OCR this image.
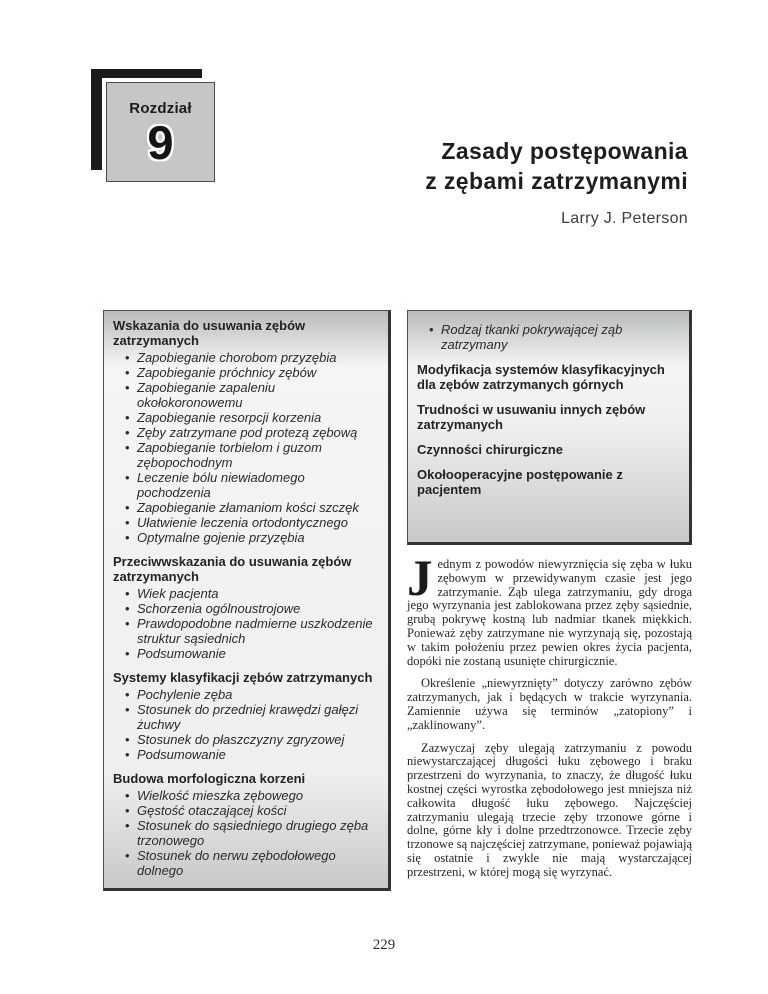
Rozdział
9	Zasady postępowania
z zębami zatrzymanymi
Larry J. Peterson
Wskazania do usuwania zębów zatrzymanych
• Zapobieganie chorobom przyzębia
• Zapobieganie próchnicy zębów
• Zapobieganie zapaleniu okołokoronowemu
• Zapobieganie resorpcji korzenia
• Zęby zatrzymane pod protezą zębową
• Zapobieganie torbielom i guzom zębopochodnym
• Leczenie bólu niewiadomego pochodzenia
• Zapobieganie złamaniom kości szczęk
• Ułatwienie leczenia ortodontycznego
• Optymalne gojenie przyzębia
Przeciwwskazania do usuwania zębów zatrzymanych
• Wiek pacjenta
• Schorzenia ogólnoustrojowe
• Prawdopodobne nadmierne uszkodzenie struktur sąsiednich
• Podsumowanie
Systemy klasyfikacji zębów zatrzymanych
• Pochylenie zęba
• Stosunek do przedniej krawędzi gałęzi żuchwy
• Stosunek do płaszczyzny zgryzowej
• Podsumowanie
Budowa morfologiczna korzeni
• Wielkość mieszka zębowego
• Gęstość otaczającej kości
• Stosunek do sąsiedniego drugiego zęba trzonowego
• Stosunek do nerwu zębodołowego dolnego
• Rodzaj tkanki pokrywającej ząb zatrzymany
Modyfikacja systemów klasyfikacyjnych dla zębów zatrzymanych górnych
Trudności w usuwaniu innych zębów zatrzymanych
Czynności chirurgiczne
Okołooperacyjne postępowanie z pacjentem

Jednym z powodów niewyrznięcia się zęba w łuku zębowym w przewidywanym czasie jest jego zatrzymanie. Ząb ulega zatrzymaniu, gdy droga jego wyrzynania jest zablokowana przez zęby sąsiednie, grubą pokrywę kostną lub nadmiar tkanek miękkich. Ponieważ zęby zatrzymane nie wyrzynają się, pozostają w takim położeniu przez pewien okres życia pacjenta, dopóki nie zostaną usunięte chirurgicznie.

Określenie „niewyrznięty” dotyczy zarówno zębów zatrzymanych, jak i będących w trakcie wyrzynania. Zamiennie używa się terminów „zatopiony” i „zaklinowany”.

Zazwyczaj zęby ulegają zatrzymaniu z powodu niewystarczającej długości łuku zębowego i braku przestrzeni do wyrzynania, to znaczy, że długość łuku kostnej części wyrostka zębodołowego jest mniejsza niż całkowita długość łuku zębowego. Najczęściej zatrzymaniu ulegają trzecie zęby trzonowe górne i dolne, górne kły i dolne przedtrzonowce. Trzecie zęby trzonowe są najczęściej zatrzymane, ponieważ pojawiają się ostatnie i zwykle nie mają wystarczającej przestrzeni, w której mogą się wyrzynać.

229
